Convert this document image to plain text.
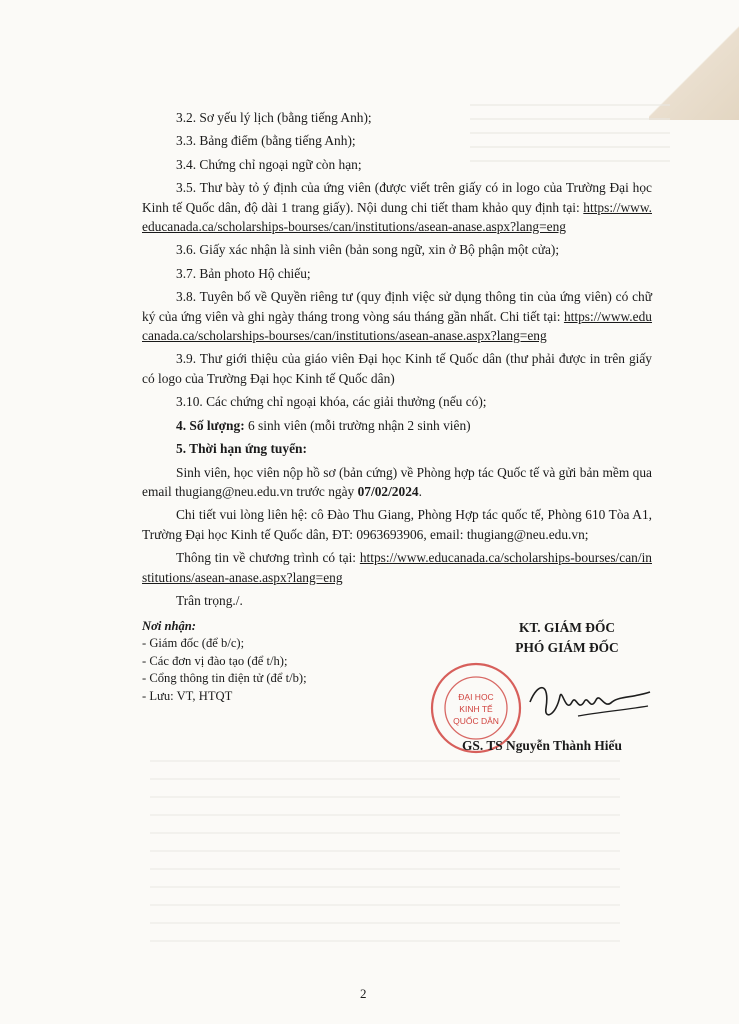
3.2. Sơ yếu lý lịch (bằng tiếng Anh);

3.3. Bảng điểm (bằng tiếng Anh);

3.4. Chứng chỉ ngoại ngữ còn hạn;

3.5. Thư bày tỏ ý định của ứng viên (được viết trên giấy có in logo của Trường Đại học Kinh tế Quốc dân, độ dài 1 trang giấy). Nội dung chi tiết tham khảo quy định tại: https://www.educanada.ca/scholarships-bourses/can/institutions/asean-anase.aspx?lang=eng

3.6. Giấy xác nhận là sinh viên (bản song ngữ, xin ở Bộ phận một cửa);

3.7. Bản photo Hộ chiếu;

3.8. Tuyên bố về Quyền riêng tư (quy định việc sử dụng thông tin của ứng viên) có chữ ký của ứng viên và ghi ngày tháng trong vòng sáu tháng gần nhất. Chi tiết tại: https://www.educanada.ca/scholarships-bourses/can/institutions/asean-anase.aspx?lang=eng

3.9. Thư giới thiệu của giáo viên Đại học Kinh tế Quốc dân (thư phải được in trên giấy có logo của Trường Đại học Kinh tế Quốc dân)

3.10. Các chứng chỉ ngoại khóa, các giải thưởng (nếu có);

4. Số lượng: 6 sinh viên (mỗi trường nhận 2 sinh viên)

5. Thời hạn ứng tuyển:

Sinh viên, học viên nộp hồ sơ (bản cứng) về Phòng hợp tác Quốc tế và gửi bản mềm qua email thugiang@neu.edu.vn trước ngày 07/02/2024.

Chi tiết vui lòng liên hệ: cô Đào Thu Giang, Phòng Hợp tác quốc tế, Phòng 610 Tòa A1, Trường Đại học Kinh tế Quốc dân, ĐT: 0963693906, email: thugiang@neu.edu.vn;

Thông tin về chương trình có tại: https://www.educanada.ca/scholarships-bourses/can/institutions/asean-anase.aspx?lang=eng

Trân trọng./.

Nơi nhận:
- Giám đốc (để b/c);
- Các đơn vị đào tạo (để t/h);
- Cổng thông tin điện tử (để t/b);
- Lưu: VT, HTQT
KT. GIÁM ĐỐC
PHÓ GIÁM ĐỐC
ĐẠI HỌC
KINH TẾ
QUỐC DÂN
GS. TS Nguyễn Thành Hiếu
2
